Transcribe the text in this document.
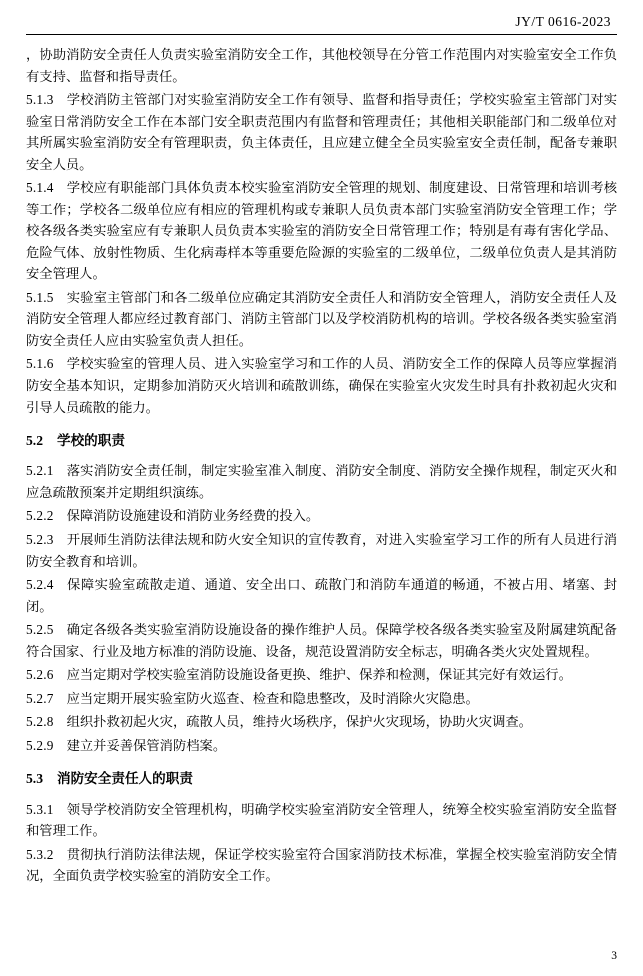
JY/T 0616-2023

，协助消防安全责任人负责实验室消防安全工作，其他校领导在分管工作范围内对实验室安全工作负有支持、监督和指导责任。

5.1.3 学校消防主管部门对实验室消防安全工作有领导、监督和指导责任；学校实验室主管部门对实验室日常消防安全工作在本部门安全职责范围内有监督和管理责任；其他相关职能部门和二级单位对其所属实验室消防安全有管理职责，负主体责任，且应建立健全全员实验室安全责任制，配备专兼职安全人员。

5.1.4 学校应有职能部门具体负责本校实验室消防安全管理的规划、制度建设、日常管理和培训考核等工作；学校各二级单位应有相应的管理机构或专兼职人员负责本部门实验室消防安全管理工作；学校各级各类实验室应有专兼职人员负责本实验室的消防安全日常管理工作；特别是有毒有害化学品、危险气体、放射性物质、生化病毒样本等重要危险源的实验室的二级单位，二级单位负责人是其消防安全管理人。

5.1.5 实验室主管部门和各二级单位应确定其消防安全责任人和消防安全管理人，消防安全责任人及消防安全管理人都应经过教育部门、消防主管部门以及学校消防机构的培训。学校各级各类实验室消防安全责任人应由实验室负责人担任。

5.1.6 学校实验室的管理人员、进入实验室学习和工作的人员、消防安全工作的保障人员等应掌握消防安全基本知识，定期参加消防灭火培训和疏散训练，确保在实验室火灾发生时具有扑救初起火灾和引导人员疏散的能力。

5.2 学校的职责

5.2.1 落实消防安全责任制，制定实验室准入制度、消防安全制度、消防安全操作规程，制定灭火和应急疏散预案并定期组织演练。

5.2.2 保障消防设施建设和消防业务经费的投入。

5.2.3 开展师生消防法律法规和防火安全知识的宣传教育，对进入实验室学习工作的所有人员进行消防安全教育和培训。

5.2.4 保障实验室疏散走道、通道、安全出口、疏散门和消防车通道的畅通，不被占用、堵塞、封闭。

5.2.5 确定各级各类实验室消防设施设备的操作维护人员。保障学校各级各类实验室及附属建筑配备符合国家、行业及地方标准的消防设施、设备，规范设置消防安全标志，明确各类火灾处置规程。

5.2.6 应当定期对学校实验室消防设施设备更换、维护、保养和检测，保证其完好有效运行。

5.2.7 应当定期开展实验室防火巡查、检查和隐患整改，及时消除火灾隐患。

5.2.8 组织扑救初起火灾，疏散人员，维持火场秩序，保护火灾现场，协助火灾调查。

5.2.9 建立并妥善保管消防档案。

5.3 消防安全责任人的职责

5.3.1 领导学校消防安全管理机构，明确学校实验室消防安全管理人，统筹全校实验室消防安全监督和管理工作。

5.3.2 贯彻执行消防法律法规，保证学校实验室符合国家消防技术标准，掌握全校实验室消防安全情况，全面负责学校实验室的消防安全工作。

3
